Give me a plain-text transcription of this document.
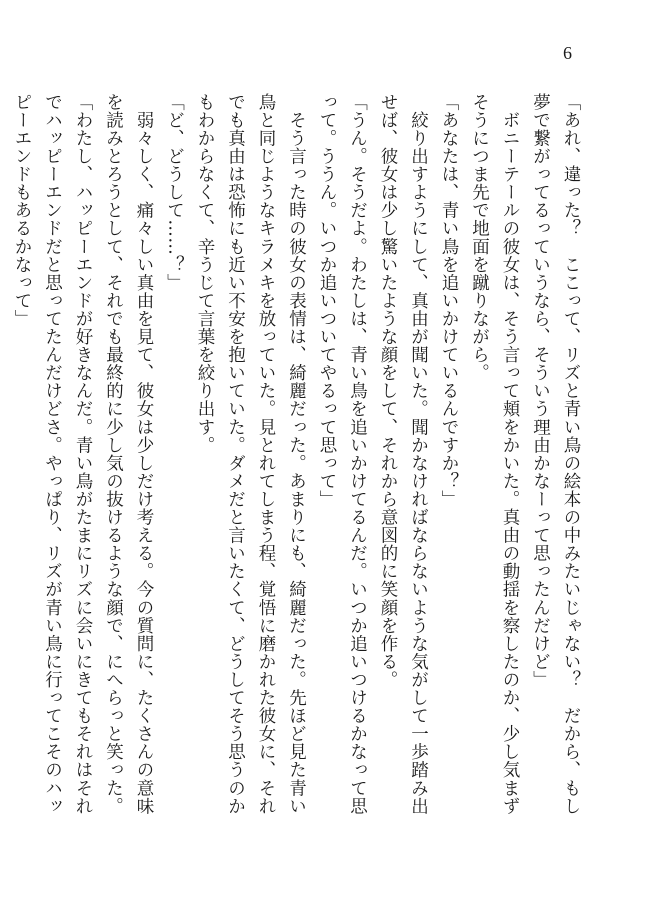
6

「あれ、違った？　ここって、リズと青い鳥の絵本の中みたいじゃない？　だから、もし夢で繋がってるっていうなら、そういう理由かなーって思ったんだけど」

　ボニーテールの彼女は、そう言って頬をかいた。真由の動揺を察したのか、少し気まずそうにつま先で地面を蹴りながら。

「あなたは、青い鳥を追いかけているんですか？」

　絞り出すようにして、真由が聞いた。聞かなければならないような気がして一歩踏み出せば、彼女は少し驚いたような顔をして、それから意図的に笑顔を作る。

「うん。そうだよ。わたしは、青い鳥を追いかけてるんだ。いつか追いつけるかなって思って。ううん。いつか追いついてやるって思って」

　そう言った時の彼女の表情は、綺麗だった。あまりにも、綺麗だった。先ほど見た青い鳥と同じようなキラメキを放っていた。見とれてしまう程、覚悟に磨かれた彼女に、それでも真由は恐怖にも近い不安を抱いていた。ダメだと言いたくて、どうしてそう思うのかもわからなくて、辛うじて言葉を絞り出す。

「ど、どうして……？」

　弱々しく、痛々しい真由を見て、彼女は少しだけ考える。今の質問に、たくさんの意味を読みとろうとして、それでも最終的に少し気の抜けるような顔で、にへらっと笑った。

「わたし、ハッピーエンドが好きなんだ。青い鳥がたまにリズに会いにきてもそれはそれでハッピーエンドだと思ってたんだけどさ。やっぱり、リズが青い鳥に行ってこそのハッピーエンドもあるかなって」
